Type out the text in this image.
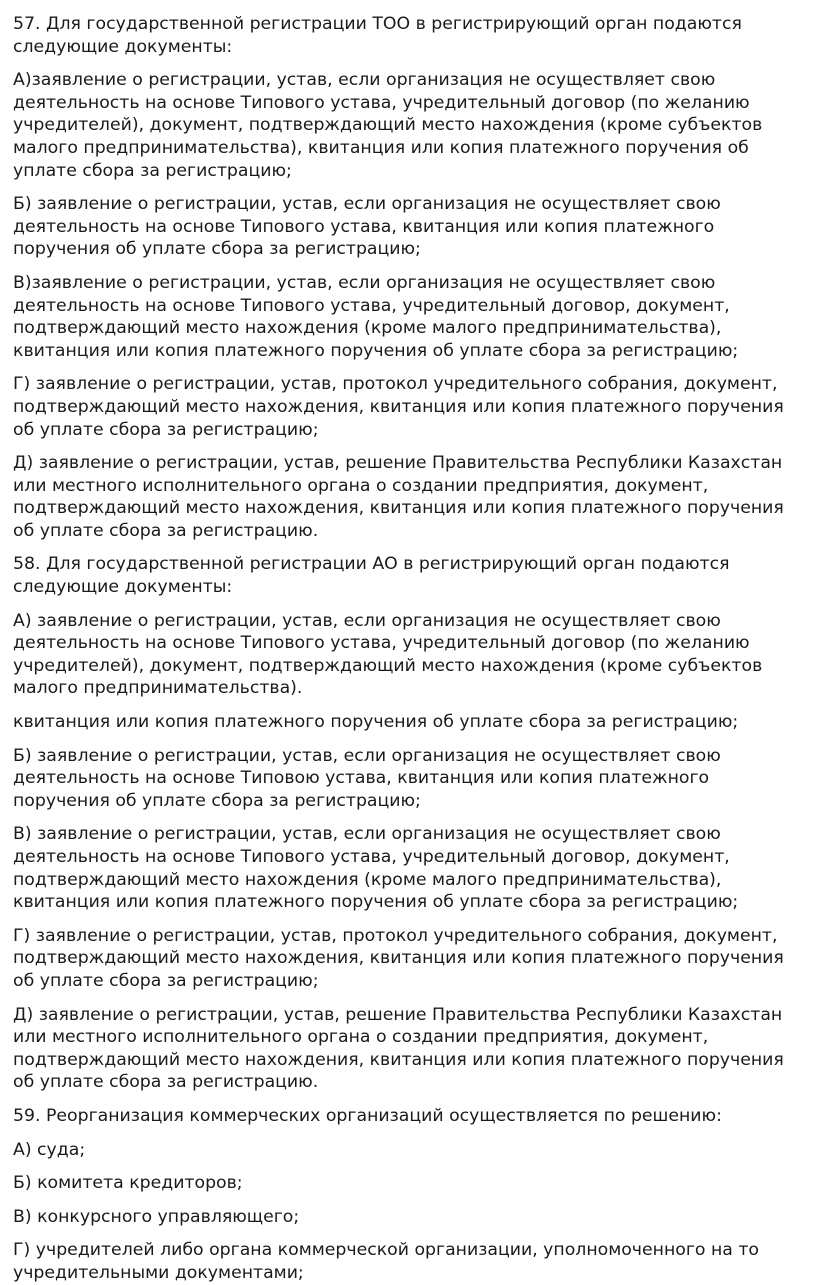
57. Для государственной регистрации ТОО в регистрирующий орган подаются следующие документы:

А)заявление о регистрации, устав, если организация не осуществляет свою деятельность на основе Типового устава, учредительный договор (по желанию учредителей), документ, подтверждающий место нахождения (кроме субъектов малого предпринимательства), квитанция или копия платежного поручения об уплате сбора за регистрацию;

Б) заявление о регистрации, устав, если организация не осуществляет свою деятельность на основе Типового устава, квитанция или копия платежного поручения об уплате сбора за регистрацию;

В)заявление о регистрации, устав, если организация не осуществляет свою деятельность на основе Типового устава, учредительный договор, документ, подтверждающий место нахождения (кроме малого предпринимательства), квитанция или копия платежного поручения об уплате сбора за регистрацию;

Г) заявление о регистрации, устав, протокол учредительного собрания, документ, подтверждающий место нахождения, квитанция или копия платежного поручения об уплате сбора за регистрацию;

Д) заявление о регистрации, устав, решение Правительства Республики Казахстан или местного исполнительного органа о создании предприятия, документ, подтверждающий место нахождения, квитанция или копия платежного поручения об уплате сбора за регистрацию.

58. Для государственной регистрации АО в регистрирующий орган подаются следующие документы:

А) заявление о регистрации, устав, если организация не осуществляет свою деятельность на основе Типового устава, учредительный договор (по желанию учредителей), документ, подтверждающий место нахождения (кроме субъектов малого предпринимательства).

квитанция или копия платежного поручения об уплате сбора за регистрацию;

Б) заявление о регистрации, устав, если организация не осуществляет свою деятельность на основе Типовою устава, квитанция или копия платежного поручения об уплате сбора за регистрацию;

В) заявление о регистрации, устав, если организация не осуществляет свою деятельность на основе Типового устава, учредительный договор, документ, подтверждающий место нахождения (кроме малого предпринимательства), квитанция или копия платежного поручения об уплате сбора за регистрацию;

Г) заявление о регистрации, устав, протокол учредительного собрания, документ, подтверждающий место нахождения, квитанция или копия платежного поручения об уплате сбора за регистрацию;

Д) заявление о регистрации, устав, решение Правительства Республики Казахстан или местного исполнительного органа о создании предприятия, документ, подтверждающий место нахождения, квитанция или копия платежного поручения об уплате сбора за регистрацию.

59. Реорганизация коммерческих организаций осуществляется по решению:

А) суда;

Б) комитета кредиторов;

В) конкурсного управляющего;

Г) учредителей либо органа коммерческой организации, уполномоченного на то учредительными документами;
